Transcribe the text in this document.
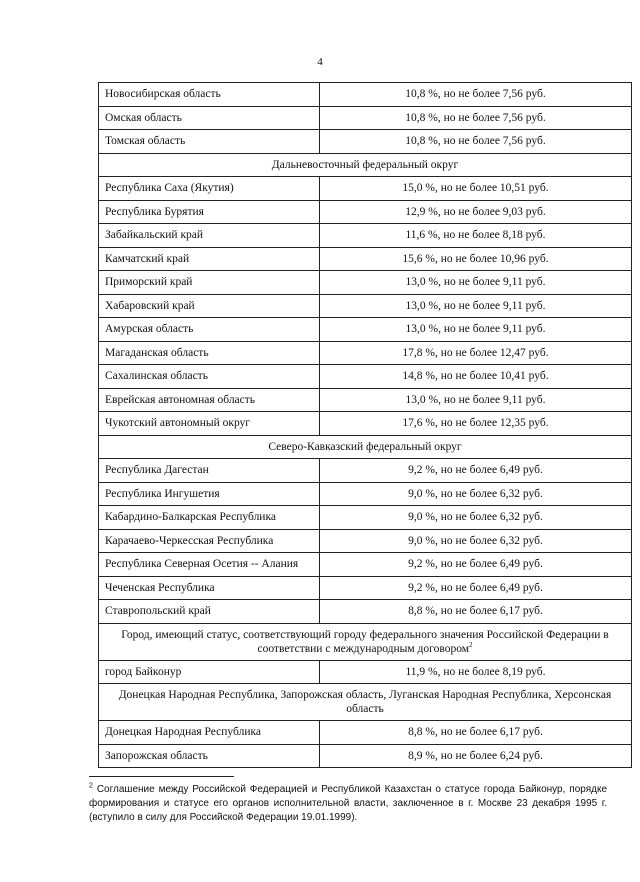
4
Новосибирская область	10,8 %, но не более 7,56 руб.
Омская область	10,8 %, но не более 7,56 руб.
Томская область	10,8 %, но не более 7,56 руб.
Дальневосточный федеральный округ	
Республика Саха (Якутия)	15,0 %, но не более 10,51 руб.
Республика Бурятия	12,9 %, но не более 9,03 руб.
Забайкальский край	11,6 %, но не более 8,18 руб.
Камчатский край	15,6 %, но не более 10,96 руб.
Приморский край	13,0 %, но не более 9,11 руб.
Хабаровский край	13,0 %, но не более 9,11 руб.
Амурская область	13,0 %, но не более 9,11 руб.
Магаданская область	17,8 %, но не более 12,47 руб.
Сахалинская область	14,8 %, но не более 10,41 руб.
Еврейская автономная область	13,0 %, но не более 9,11 руб.
Чукотский автономный округ	17,6 %, но не более 12,35 руб.
Северо-Кавказский федеральный округ	
Республика Дагестан	9,2 %, но не более 6,49 руб.
Республика Ингушетия	9,0 %, но не более 6,32 руб.
Кабардино-Балкарская Республика	9,0 %, но не более 6,32 руб.
Карачаево-Черкесская Республика	9,0 %, но не более 6,32 руб.
Республика Северная Осетия -- Алания	9,2 %, но не более 6,49 руб.
Чеченская Республика	9,2 %, но не более 6,49 руб.
Ставропольский край	8,8 %, но не более 6,17 руб.
Город, имеющий статус, соответствующий городу федерального значения Российской Федерации в соответствии с международным договором$^2$
город Байконур	11,9 %, но не более 8,19 руб.
Донецкая Народная Республика, Запорожская область, Луганская Народная Республика, Херсонская область	
Донецкая Народная Республика	8,8 %, но не более 6,17 руб.
Запорожская область	8,9 %, но не более 6,24 руб.
$^2$ Соглашение между Российской Федерацией и Республикой Казахстан о статусе города Байконур, порядке формирования и статусе его органов исполнительной власти, заключенное в г. Москве 23 декабря 1995 г. (вступило в силу для Российской Федерации 19.01.1999).
